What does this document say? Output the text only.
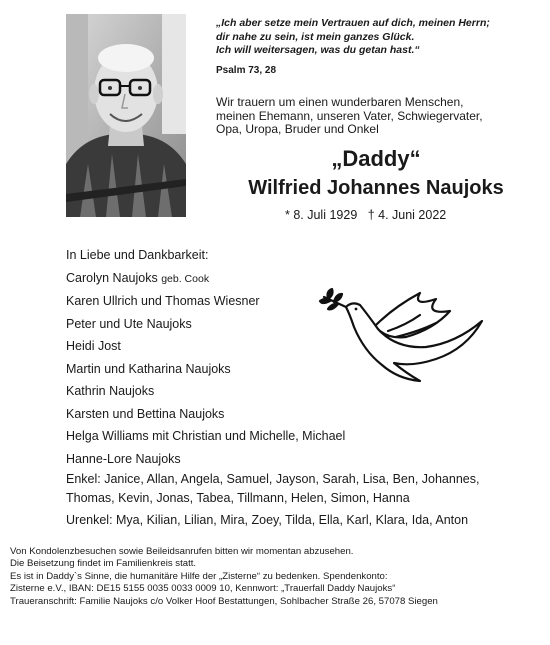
„Ich aber setze mein Vertrauen auf dich, meinen Herrn;
dir nahe zu sein, ist mein ganzes Glück.
Ich will weitersagen, was du getan hast.“
Psalm 73, 28
Wir trauern um einen wunderbaren Menschen,
meinen Ehemann, unseren Vater, Schwiegervater,
Opa, Uropa, Bruder und Onkel
„Daddy“
Wilfried Johannes Naujoks
* 8. Juli 1929 † 4. Juni 2022
In Liebe und Dankbarkeit:
Carolyn Naujoks geb. Cook
Karen Ullrich und Thomas Wiesner
Peter und Ute Naujoks
Heidi Jost
Martin und Katharina Naujoks
Kathrin Naujoks
Karsten und Bettina Naujoks
Helga Williams mit Christian und Michelle, Michael
Hanne-Lore Naujoks
Enkel: Janice, Allan, Angela, Samuel, Jayson, Sarah, Lisa, Ben, Johannes,
Thomas, Kevin, Jonas, Tabea, Tillmann, Helen, Simon, Hanna
Urenkel: Mya, Kilian, Lilian, Mira, Zoey, Tilda, Ella, Karl, Klara, Ida, Anton
Von Kondolenzbesuchen sowie Beileidsanrufen bitten wir momentan abzusehen.
Die Beisetzung findet im Familienkreis statt.
Es ist in Daddy`s Sinne, die humanitäre Hilfe der „Zisterne“ zu bedenken. Spendenkonto:
Zisterne e.V., IBAN: DE15 5155 0035 0033 0009 10, Kennwort: „Trauerfall Daddy Naujoks“
Traueranschrift: Familie Naujoks c/o Volker Hoof Bestattungen, Sohlbacher Straße 26, 57078 Siegen
